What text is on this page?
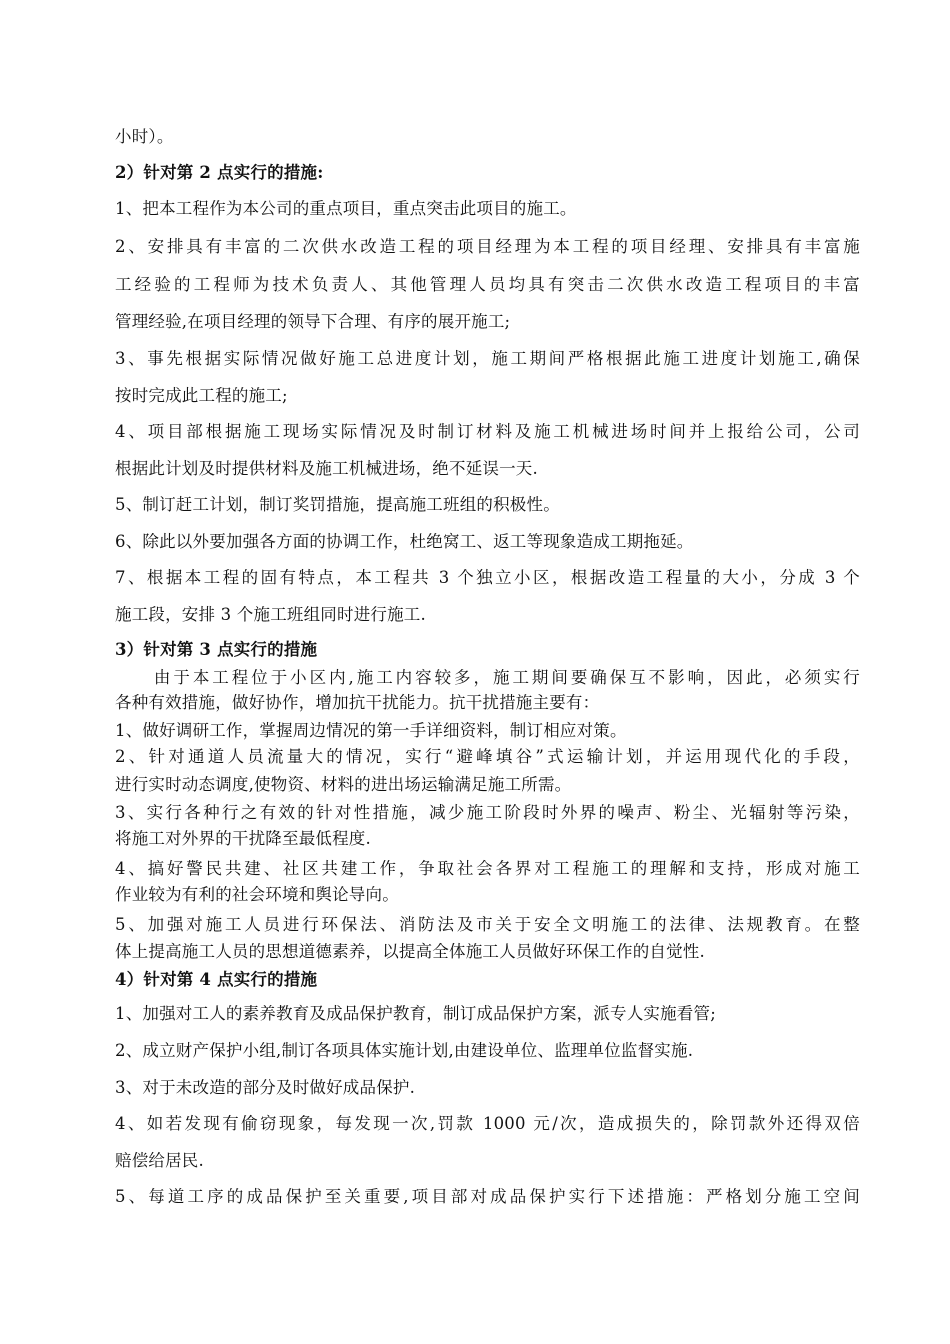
小时）。
2）针对第 2 点实行的措施:
1、把本工程作为本公司的重点项目，重点突击此项目的施工。
2、安排具有丰富的二次供水改造工程的项目经理为本工程的项目经理、安排具有丰富施
工经验的工程师为技术负责人、其他管理人员均具有突击二次供水改造工程项目的丰富
管理经验,在项目经理的领导下合理、有序的展开施工;
3、事先根据实际情况做好施工总进度计划，施工期间严格根据此施工进度计划施工,确保
按时完成此工程的施工;
4、项目部根据施工现场实际情况及时制订材料及施工机械进场时间并上报给公司，公司
根据此计划及时提供材料及施工机械进场，绝不延误一天.
5、制订赶工计划，制订奖罚措施，提高施工班组的积极性。
6、除此以外要加强各方面的协调工作，杜绝窝工、返工等现象造成工期拖延。
7、根据本工程的固有特点，本工程共 3 个独立小区，根据改造工程量的大小，分成 3 个
施工段，安排 3 个施工班组同时进行施工.
3）针对第 3 点实行的措施
　　由于本工程位于小区内,施工内容较多，施工期间要确保互不影响，因此，必须实行
各种有效措施，做好协作，增加抗干扰能力。抗干扰措施主要有：
1、做好调研工作，掌握周边情况的第一手详细资料，制订相应对策。
2、针对通道人员流量大的情况，实行“避峰填谷”式运输计划，并运用现代化的手段，
进行实时动态调度,使物资、材料的进出场运输满足施工所需。
3、实行各种行之有效的针对性措施，减少施工阶段时外界的噪声、粉尘、光辐射等污染，
将施工对外界的干扰降至最低程度.
4、搞好警民共建、社区共建工作，争取社会各界对工程施工的理解和支持，形成对施工
作业较为有利的社会环境和舆论导向。
5、加强对施工人员进行环保法、消防法及市关于安全文明施工的法律、法规教育。在整
体上提高施工人员的思想道德素养，以提高全体施工人员做好环保工作的自觉性.
4）针对第 4 点实行的措施
1、加强对工人的素养教育及成品保护教育，制订成品保护方案，派专人实施看管;
2、成立财产保护小组,制订各项具体实施计划,由建设单位、监理单位监督实施.
3、对于未改造的部分及时做好成品保护.
4、如若发现有偷窃现象，每发现一次,罚款 1000 元/次，造成损失的，除罚款外还得双倍
赔偿给居民.
5、每道工序的成品保护至关重要,项目部对成品保护实行下述措施：严格划分施工空间
